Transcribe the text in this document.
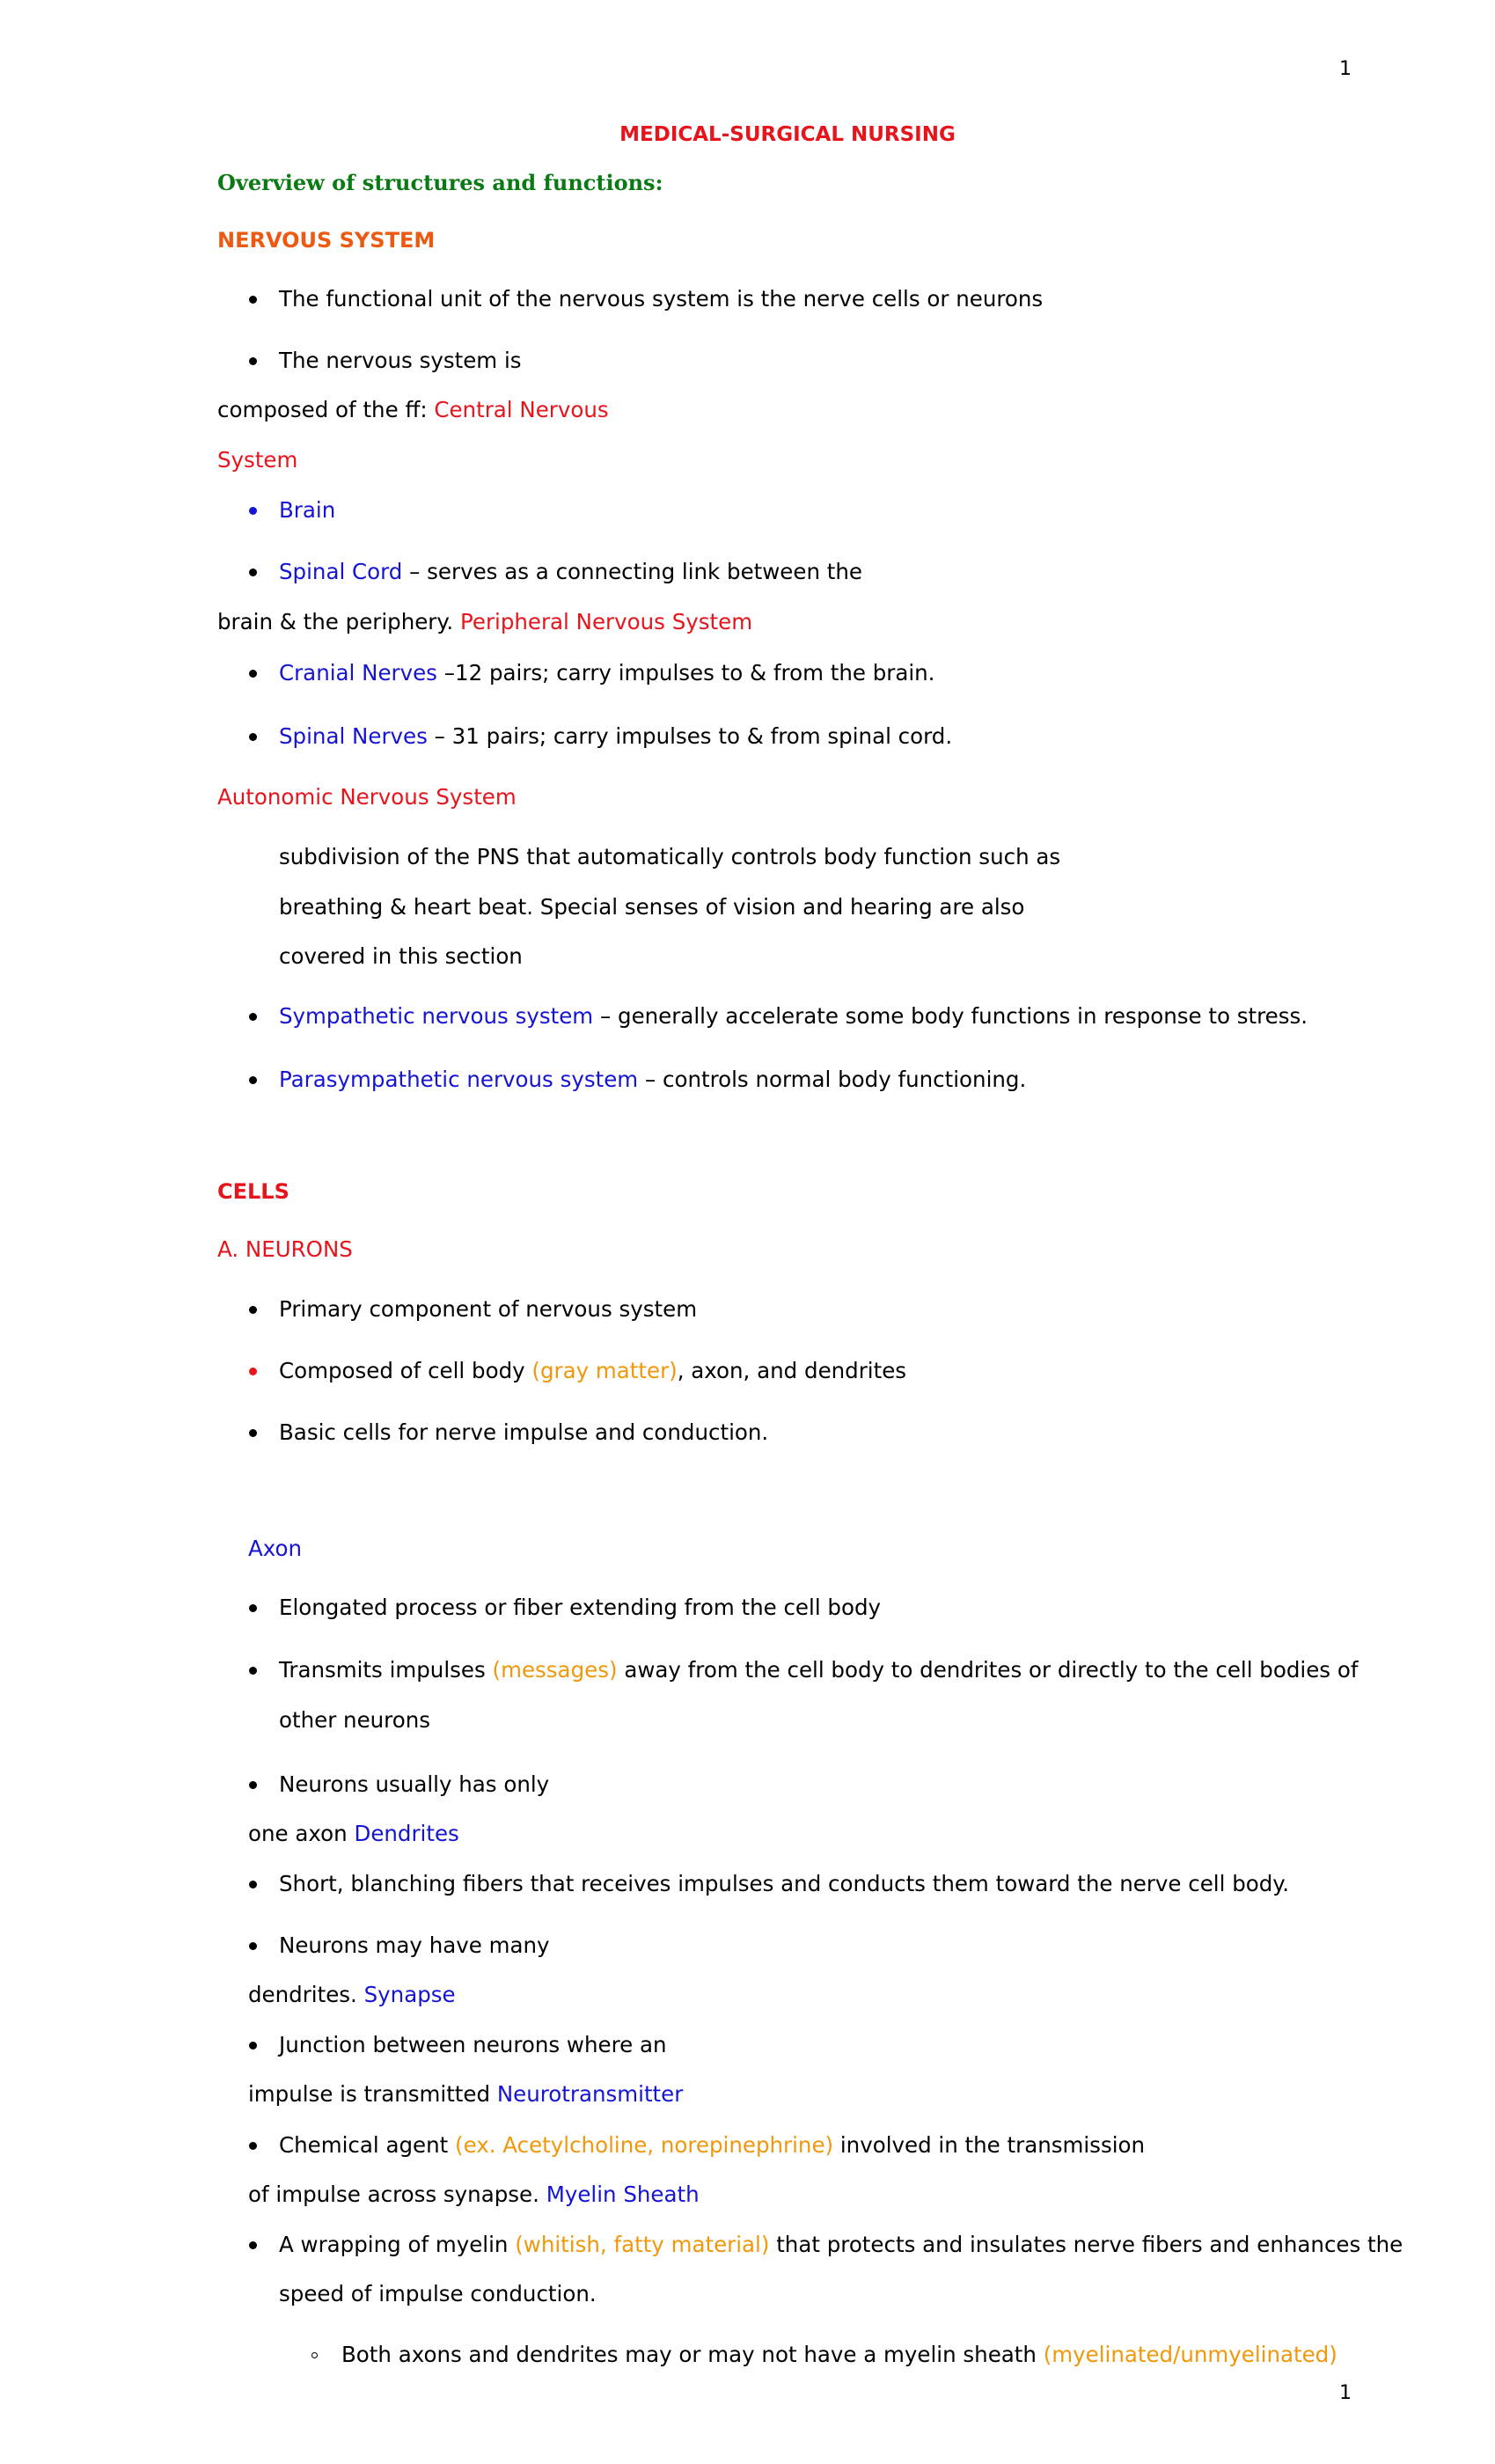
1
1
MEDICAL-SURGICAL NURSING
Overview of structures and functions:
NERVOUS SYSTEM
The functional unit of the nervous system is the nerve cells or neurons
The nervous system is
composed of the ff: Central Nervous
System
Brain
Spinal Cord – serves as a connecting link between the
brain & the periphery. Peripheral Nervous System
Cranial Nerves –12 pairs; carry impulses to & from the brain.
Spinal Nerves – 31 pairs; carry impulses to & from spinal cord.
Autonomic Nervous System
subdivision of the PNS that automatically controls body function such as
breathing & heart beat. Special senses of vision and hearing are also
covered in this section
Sympathetic nervous system – generally accelerate some body functions in response to stress.
Parasympathetic nervous system – controls normal body functioning.
CELLS
A. NEURONS
Primary component of nervous system
Composed of cell body (gray matter), axon, and dendrites
Basic cells for nerve impulse and conduction.
Axon
Elongated process or fiber extending from the cell body
Transmits impulses (messages) away from the cell body to dendrites or directly to the cell bodies of
other neurons
Neurons usually has only
one axon Dendrites
Short, blanching fibers that receives impulses and conducts them toward the nerve cell body.
Neurons may have many
dendrites. Synapse
Junction between neurons where an
impulse is transmitted Neurotransmitter
Chemical agent (ex. Acetylcholine, norepinephrine) involved in the transmission
of impulse across synapse. Myelin Sheath
A wrapping of myelin (whitish, fatty material) that protects and insulates nerve fibers and enhances the
speed of impulse conduction.
Both axons and dendrites may or may not have a myelin sheath (myelinated/unmyelinated)
